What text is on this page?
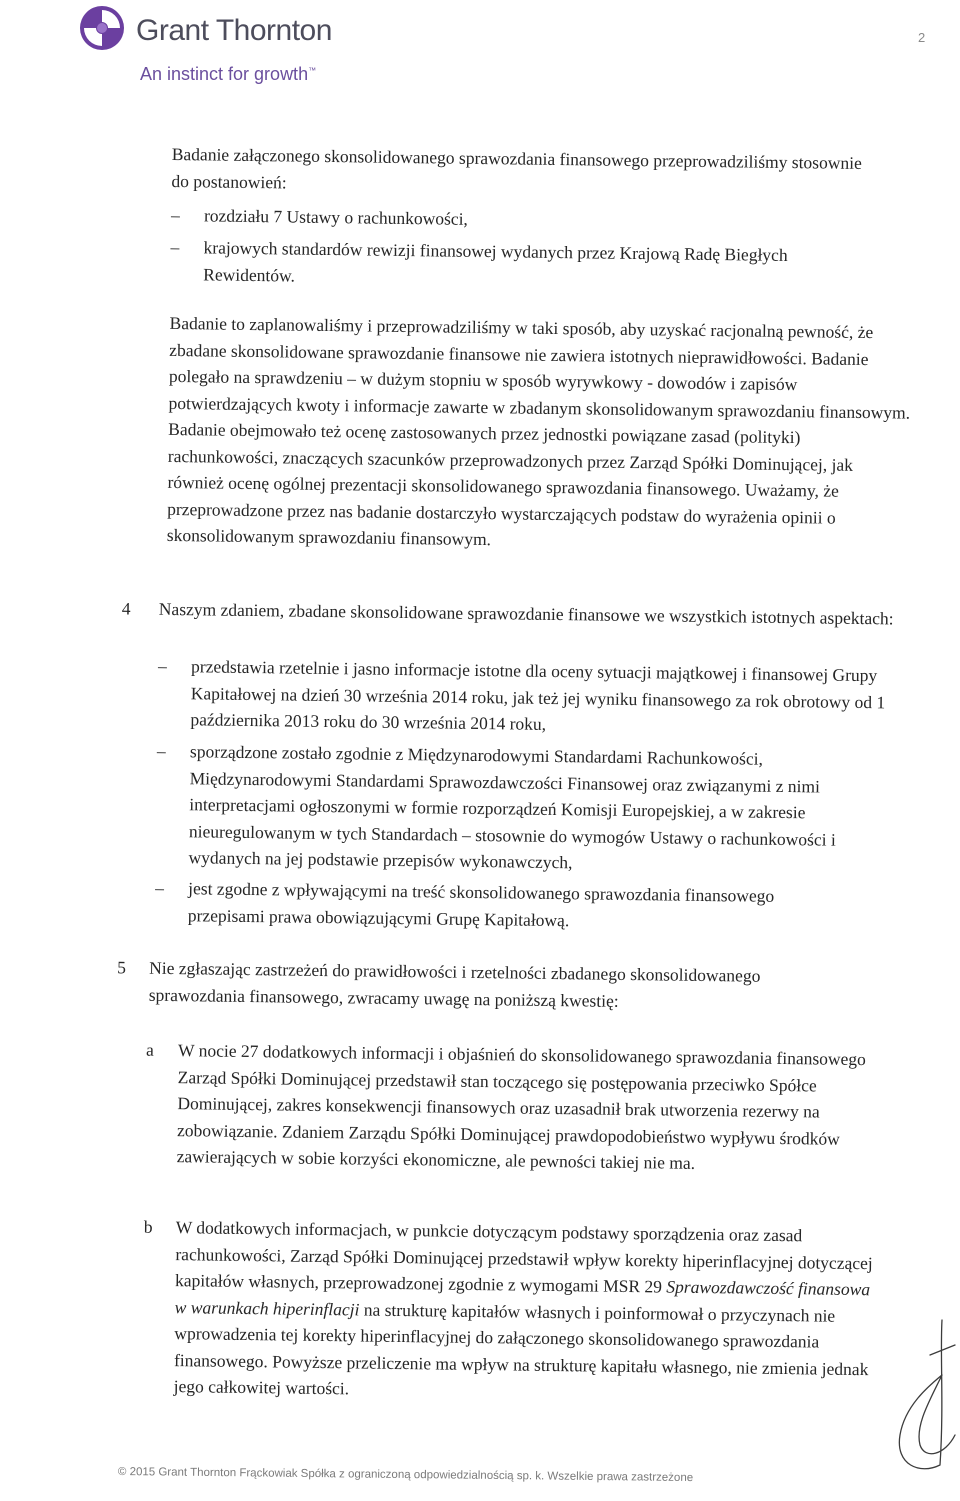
Grant Thornton
An instinct for growth™
2

Badanie załączonego skonsolidowanego sprawozdania finansowego przeprowadziliśmy stosownie do postanowień:

– rozdziału 7 Ustawy o rachunkowości,
– krajowych standardów rewizji finansowej wydanych przez Krajową Radę Biegłych Rewidentów.

Badanie to zaplanowaliśmy i przeprowadziliśmy w taki sposób, aby uzyskać racjonalną pewność, że zbadane skonsolidowane sprawozdanie finansowe nie zawiera istotnych nieprawidłowości. Badanie polegało na sprawdzeniu – w dużym stopniu w sposób wyrywkowy - dowodów i zapisów potwierdzających kwoty i informacje zawarte w zbadanym skonsolidowanym sprawozdaniu finansowym. Badanie obejmowało też ocenę zastosowanych przez jednostki powiązane zasad (polityki) rachunkowości, znaczących szacunków przeprowadzonych przez Zarząd Spółki Dominującej, jak również ocenę ogólnej prezentacji skonsolidowanego sprawozdania finansowego. Uważamy, że przeprowadzone przez nas badanie dostarczyło wystarczających podstaw do wyrażenia opinii o skonsolidowanym sprawozdaniu finansowym.

4 Naszym zdaniem, zbadane skonsolidowane sprawozdanie finansowe we wszystkich istotnych aspektach:

– przedstawia rzetelnie i jasno informacje istotne dla oceny sytuacji majątkowej i finansowej Grupy Kapitałowej na dzień 30 września 2014 roku, jak też jej wyniku finansowego za rok obrotowy od 1 października 2013 roku do 30 września 2014 roku,
– sporządzone zostało zgodnie z Międzynarodowymi Standardami Rachunkowości, Międzynarodowymi Standardami Sprawozdawczości Finansowej oraz związanymi z nimi interpretacjami ogłoszonymi w formie rozporządzeń Komisji Europejskiej, a w zakresie nieuregulowanym w tych Standardach – stosownie do wymogów Ustawy o rachunkowości i wydanych na jej podstawie przepisów wykonawczych,
– jest zgodne z wpływającymi na treść skonsolidowanego sprawozdania finansowego przepisami prawa obowiązującymi Grupę Kapitałową.
5 Nie zgłaszając zastrzeżeń do prawidłowości i rzetelności zbadanego skonsolidowanego sprawozdania finansowego, zwracamy uwagę na poniższą kwestię:

a W nocie 27 dodatkowych informacji i objaśnień do skonsolidowanego sprawozdania finansowego Zarząd Spółki Dominującej przedstawił stan toczącego się postępowania przeciwko Spółce Dominującej, zakres konsekwencji finansowych oraz uzasadnił brak utworzenia rezerwy na zobowiązanie. Zdaniem Zarządu Spółki Dominującej prawdopodobieństwo wypływu środków zawierających w sobie korzyści ekonomiczne, ale pewności takiej nie ma.
b W dodatkowych informacjach, w punkcie dotyczącym podstawy sporządzenia oraz zasad rachunkowości, Zarząd Spółki Dominującej przedstawił wpływ korekty hiperinflacyjnej dotyczącej kapitałów własnych, przeprowadzonej zgodnie z wymogami MSR 29 Sprawozdawczość finansowa w warunkach hiperinflacji na strukturę kapitałów własnych i poinformował o przyczynach nie wprowadzenia tej korekty hiperinflacyjnej do załączonego skonsolidowanego sprawozdania finansowego. Powyższe przeliczenie ma wpływ na strukturę kapitału własnego, nie zmienia jednak jego całkowitej wartości.
© 2015 Grant Thornton Frąckowiak Spółka z ograniczoną odpowiedzialnością sp. k. Wszelkie prawa zastrzeżone
